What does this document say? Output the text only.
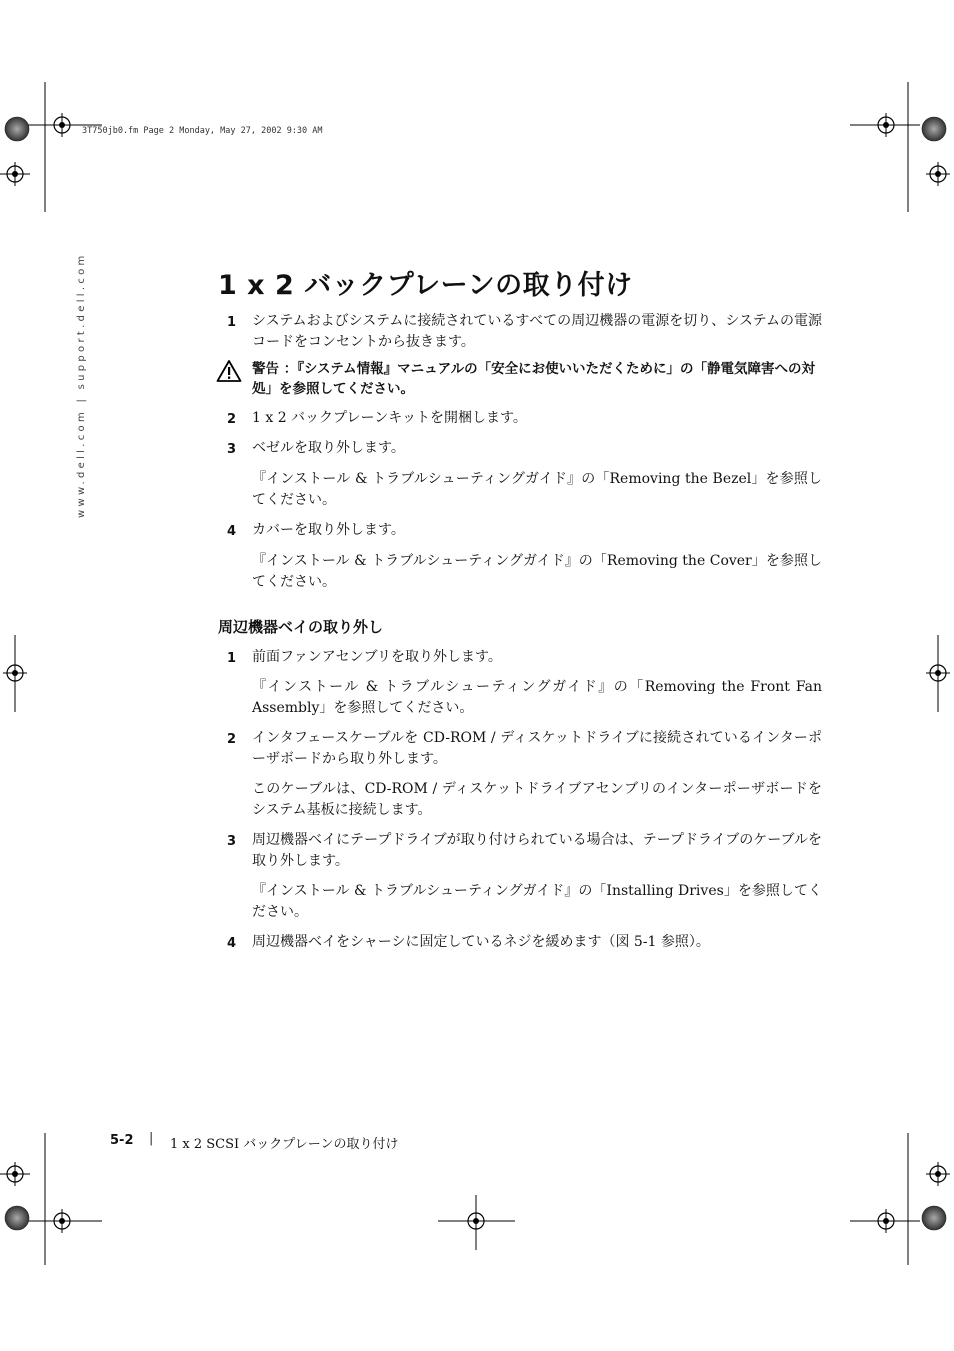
3T750jb0.fm Page 2 Monday, May 27, 2002 9:30 AM
www.dell.com | support.dell.com	1 x 2 バックプレーンの取り付け
1 システムおよびシステムに接続されているすべての周辺機器の電源を切り、システムの電源コードをコンセントから抜きます。
警告 ：『システム情報』マニュアルの「安全にお使いいただくために」の「静電気障害への対処」を参照してください。
2 1 x 2 バックプレーンキットを開梱します。
3 ベゼルを取り外します。
『インストール & トラブルシューティングガイド』の「Removing the Bezel」を参照してください。
4 カバーを取り外します。
『インストール & トラブルシューティングガイド』の「Removing the Cover」を参照してください。
周辺機器ベイの取り外し
1 前面ファンアセンブリを取り外します。
『インストール & トラブルシューティングガイド』の「Removing the Front Fan Assembly」を参照してください。
2 インタフェースケーブルを CD-ROM / ディスケットドライブに接続されているインターポーザボードから取り外します。
このケーブルは、CD-ROM / ディスケットドライブアセンブリのインターポーザボードをシステム基板に接続します。
3 周辺機器ベイにテープドライブが取り付けられている場合は、テープドライブのケーブルを取り外します。
『インストール & トラブルシューティングガイド』の「Installing Drives」を参照してください。
4 周辺機器ベイをシャーシに固定しているネジを緩めます（図 5-1 参照）。
5-2 | 1 x 2 SCSI バックプレーンの取り付け
